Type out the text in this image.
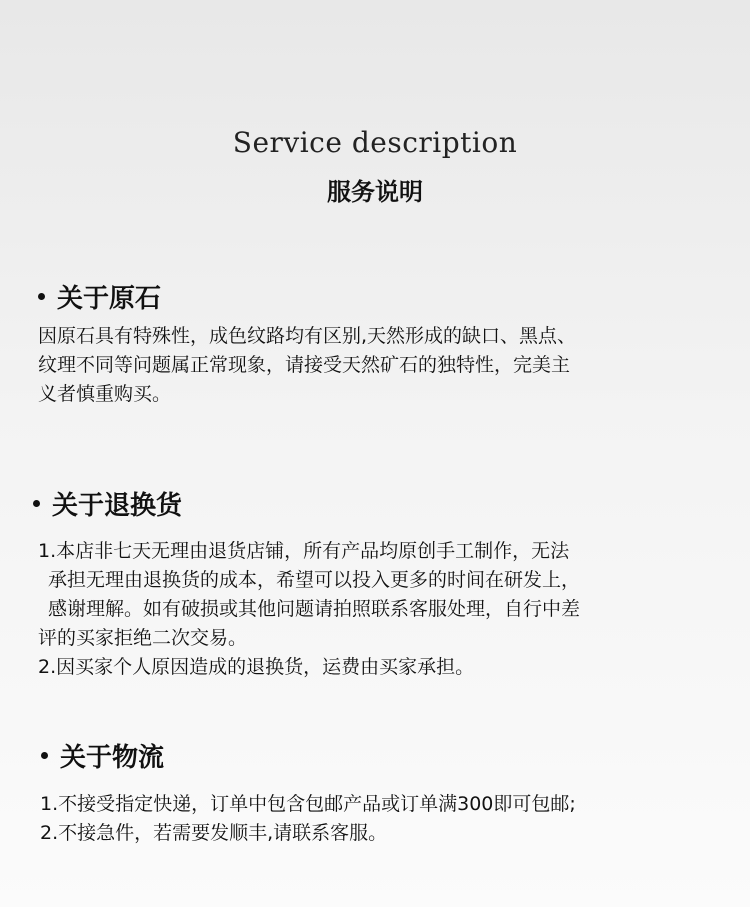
Service description
服务说明
关于原石
因原石具有特殊性，成色纹路均有区别,天然形成的缺口、黑点、
纹理不同等问题属正常现象，请接受天然矿石的独特性，完美主
义者慎重购买。
关于退换货
1.本店非七天无理由退货店铺，所有产品均原创手工制作，无法
承担无理由退换货的成本，希望可以投入更多的时间在研发上，
感谢理解。如有破损或其他问题请拍照联系客服处理，自行中差
评的买家拒绝二次交易。
2.因买家个人原因造成的退换货，运费由买家承担。
关于物流
1.不接受指定快递，订单中包含包邮产品或订单满300即可包邮;
2.不接急件，若需要发顺丰,请联系客服。
